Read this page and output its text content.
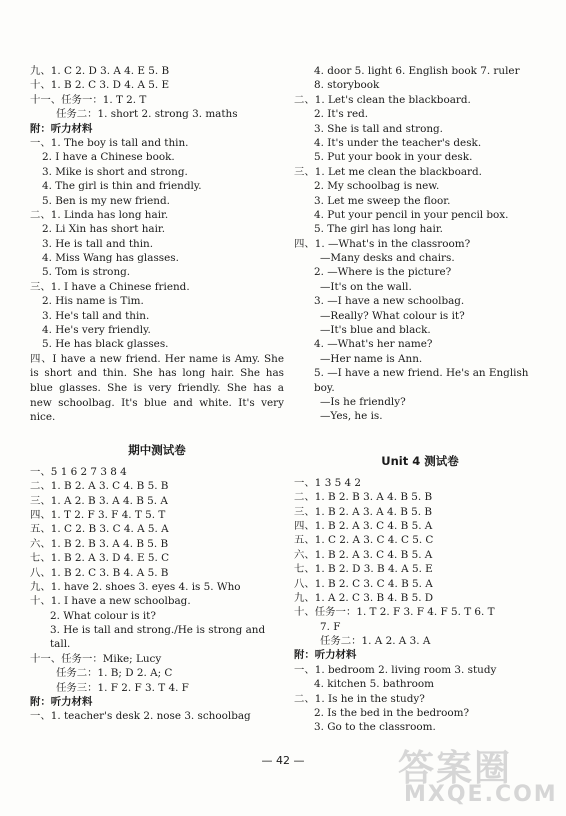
九、1. C 2. D 3. A 4. E 5. B
十、1. B 2. C 3. D 4. A 5. E
十一、任务一：1. T 2. T
任务二：1. short 2. strong 3. maths
附：听力材料
一、1. The boy is tall and thin.
2. I have a Chinese book.
3. Mike is short and strong.
4. The girl is thin and friendly.
5. Ben is my new friend.
二、1. Linda has long hair.
2. Li Xin has short hair.
3. He is tall and thin.
4. Miss Wang has glasses.
5. Tom is strong.
三、1. I have a Chinese friend.
2. His name is Tim.
3. He's tall and thin.
4. He's very friendly.
5. He has black glasses.
四、I have a new friend. Her name is Amy. She is short and thin. She has long hair. She has blue glasses. She is very friendly. She has a new schoolbag. It's blue and white. It's very nice.
期中测试卷
一、5 1 6 2 7 3 8 4
二、1. B 2. A 3. C 4. B 5. B
三、1. A 2. B 3. A 4. B 5. A
四、1. T 2. F 3. F 4. T 5. T
五、1. C 2. B 3. C 4. A 5. A
六、1. B 2. B 3. A 4. B 5. B
七、1. B 2. A 3. D 4. E 5. C
八、1. B 2. C 3. B 4. A 5. B
九、1. have 2. shoes 3. eyes 4. is 5. Who
十、1. I have a new schoolbag.
2. What colour is it?
3. He is tall and strong./He is strong and tall.
十一、任务一：Mike; Lucy
任务二：1. B; D 2. A; C
任务三：1. F 2. F 3. T 4. F
附：听力材料
一、1. teacher's desk 2. nose 3. schoolbag
4. door 5. light 6. English book 7. ruler
8. storybook
二、1. Let's clean the blackboard.
2. It's red.
3. She is tall and strong.
4. It's under the teacher's desk.
5. Put your book in your desk.
三、1. Let me clean the blackboard.
2. My schoolbag is new.
3. Let me sweep the floor.
4. Put your pencil in your pencil box.
5. The girl has long hair.
四、1. —What's in the classroom?
—Many desks and chairs.
2. —Where is the picture?
—It's on the wall.
3. —I have a new schoolbag.
—Really? What colour is it?
—It's blue and black.
4. —What's her name?
—Her name is Ann.
5. —I have a new friend. He's an English boy.
—Is he friendly?
—Yes, he is.
Unit 4 测试卷
一、1 3 5 4 2
二、1. B 2. B 3. A 4. B 5. B
三、1. B 2. A 3. A 4. B 5. B
四、1. B 2. A 3. C 4. B 5. A
五、1. C 2. A 3. C 4. C 5. C
六、1. B 2. A 3. C 4. B 5. A
七、1. B 2. D 3. B 4. A 5. E
八、1. B 2. C 3. C 4. B 5. A
九、1. A 2. C 3. B 4. B 5. D
十、任务一：1. T 2. F 3. F 4. F 5. T 6. T
7. F
任务二：1. A 2. A 3. A
附：听力材料
一、1. bedroom 2. living room 3. study
4. kitchen 5. bathroom
二、1. Is he in the study?
2. Is the bed in the bedroom?
3. Go to the classroom.
— 42 —	答案圈
MXQE.COM
